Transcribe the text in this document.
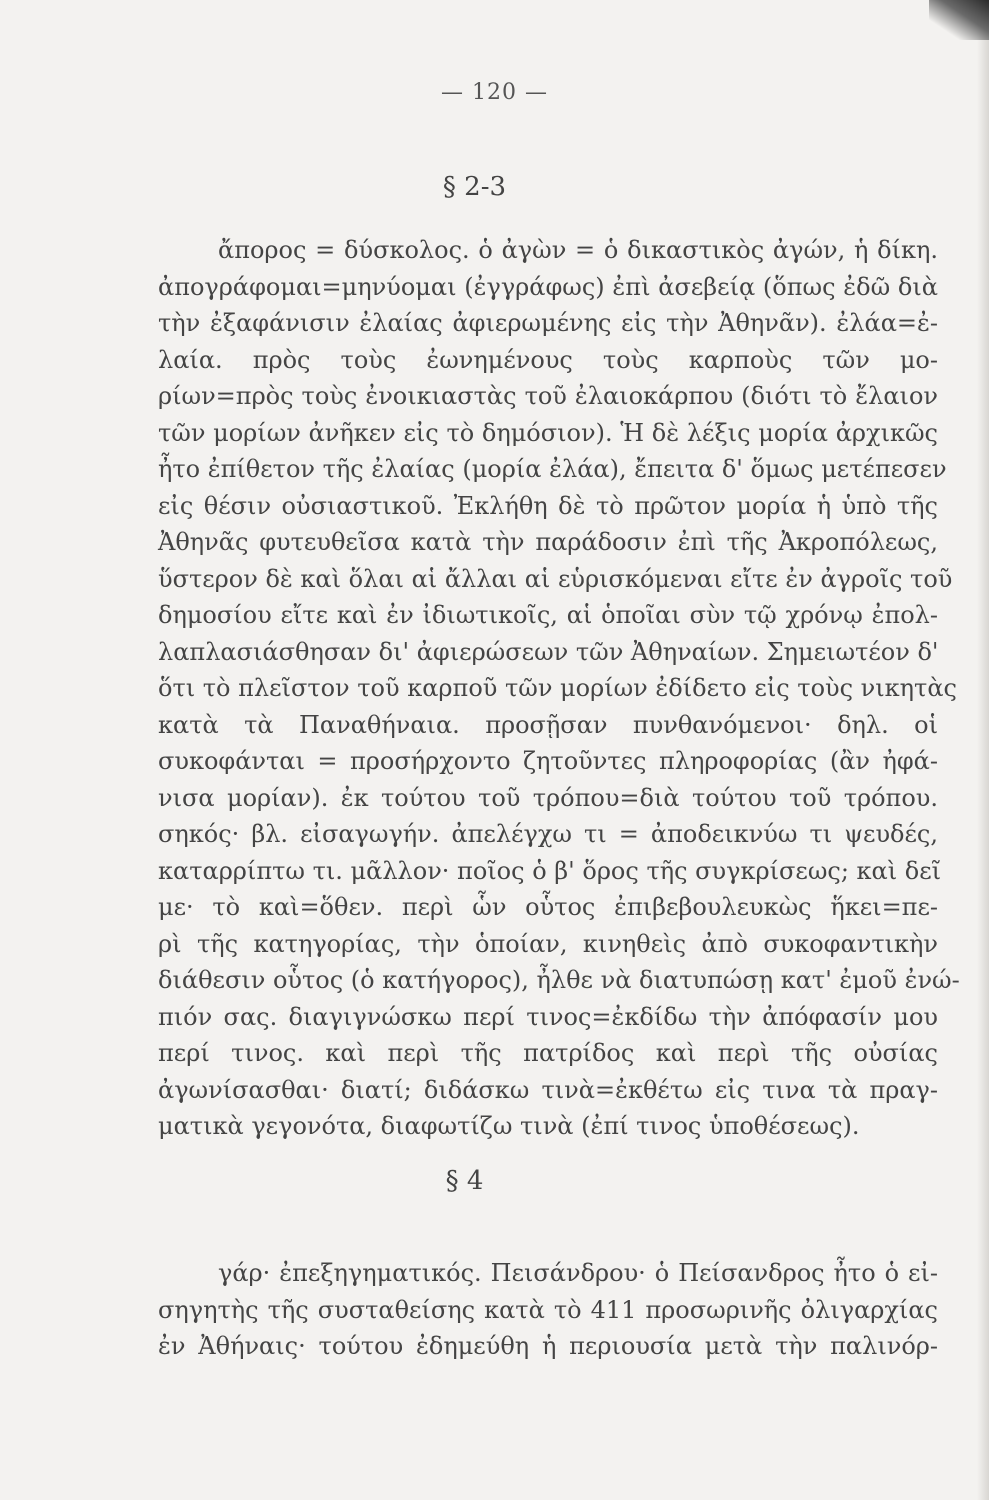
— 120 —
§ 2-3
ἄπορος = δύσκολος. ὁ ἀγὼν = ὁ δικαστικὸς ἀγών, ἡ δίκη.
ἀπογράφομαι=μηνύομαι (ἐγγράφως) ἐπὶ ἀσεβείᾳ (ὅπως ἐδῶ διὰ
τὴν ἐξαφάνισιν ἐλαίας ἀφιερωμένης εἰς τὴν Ἀθηνᾶν). ἐλάα=ἐ-
λαία. πρὸς τοὺς ἐωνημένους τοὺς καρποὺς τῶν μο-
ρίων=πρὸς τοὺς ἐνοικιαστὰς τοῦ ἐλαιοκάρπου (διότι τὸ ἔλαιον
τῶν μορίων ἀνῆκεν εἰς τὸ δημόσιον). Ἡ δὲ λέξις μορία ἀρχικῶς
ἦτο ἐπίθετον τῆς ἐλαίας (μορία ἐλάα), ἔπειτα δ' ὅμως μετέπεσεν
εἰς θέσιν οὐσιαστικοῦ. Ἐκλήθη δὲ τὸ πρῶτον μορία ἡ ὑπὸ τῆς
Ἀθηνᾶς φυτευθεῖσα κατὰ τὴν παράδοσιν ἐπὶ τῆς Ἀκροπόλεως,
ὕστερον δὲ καὶ ὅλαι αἱ ἄλλαι αἱ εὑρισκόμεναι εἴτε ἐν ἀγροῖς τοῦ
δημοσίου εἴτε καὶ ἐν ἰδιωτικοῖς, αἱ ὁποῖαι σὺν τῷ χρόνῳ ἐπολ-
λαπλασιάσθησαν δι' ἀφιερώσεων τῶν Ἀθηναίων. Σημειωτέον δ'
ὅτι τὸ πλεῖστον τοῦ καρποῦ τῶν μορίων ἐδίδετο εἰς τοὺς νικητὰς
κατὰ τὰ Παναθήναια. προσῇσαν πυνθανόμενοι· δηλ. οἱ
συκοφάνται = προσήρχοντο ζητοῦντες πληροφορίας (ἂν ἠφά-
νισα μορίαν). ἐκ τούτου τοῦ τρόπου=διὰ τούτου τοῦ τρόπου.
σηκός· βλ. εἰσαγωγήν. ἀπελέγχω τι = ἀποδεικνύω τι ψευδές,
καταρρίπτω τι. μᾶλλον· ποῖος ὁ β' ὅρος τῆς συγκρίσεως; καὶ δεῖ
με· τὸ καὶ=ὅθεν. περὶ ὧν οὗτος ἐπιβεβουλευκὼς ἥκει=πε-
ρὶ τῆς κατηγορίας, τὴν ὁποίαν, κινηθεὶς ἀπὸ συκοφαντικὴν
διάθεσιν οὗτος (ὁ κατήγορος), ἦλθε νὰ διατυπώσῃ κατ' ἐμοῦ ἐνώ-
πιόν σας. διαγιγνώσκω περί τινος=ἐκδίδω τὴν ἀπόφασίν μου
περί τινος. καὶ περὶ τῆς πατρίδος καὶ περὶ τῆς οὐσίας
ἀγωνίσασθαι· διατί; διδάσκω τινὰ=ἐκθέτω εἰς τινα τὰ πραγ-
ματικὰ γεγονότα, διαφωτίζω τινὰ (ἐπί τινος ὑποθέσεως).
§ 4
γάρ· ἐπεξηγηματικός. Πεισάνδρου· ὁ Πείσανδρος ἦτο ὁ εἰ-
σηγητὴς τῆς συσταθείσης κατὰ τὸ 411 προσωρινῆς ὀλιγαρχίας
ἐν Ἀθήναις· τούτου ἐδημεύθη ἡ περιουσία μετὰ τὴν παλινόρ-
